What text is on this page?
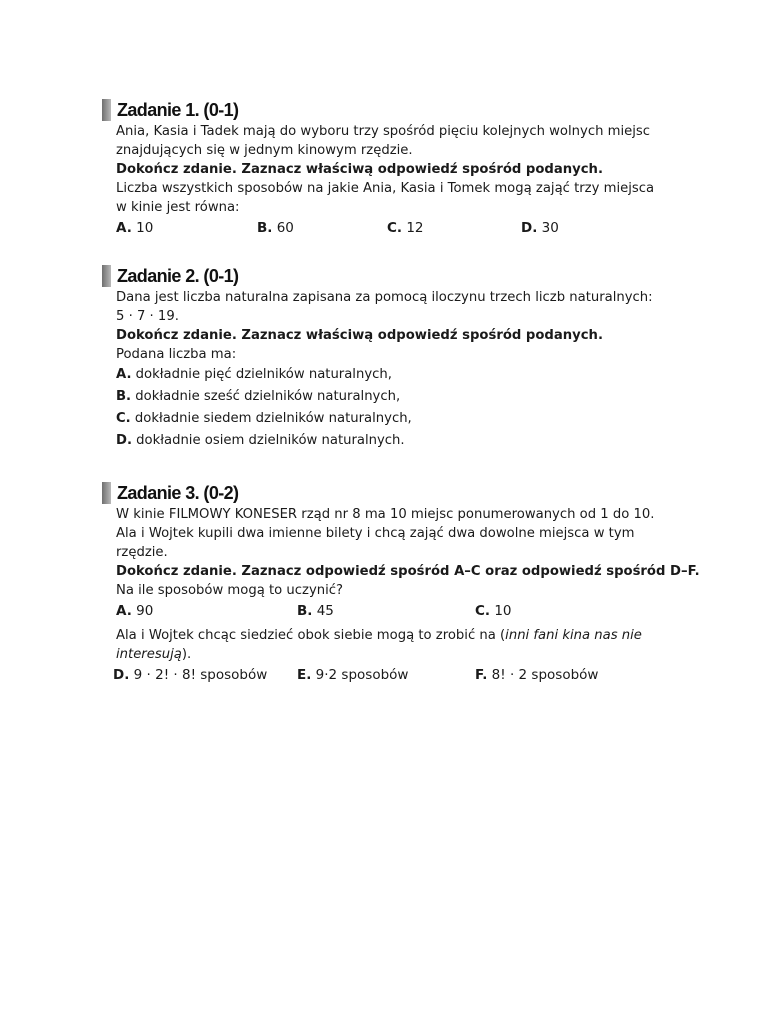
Zadanie 1. (0-1)
Ania, Kasia i Tadek mają do wyboru trzy spośród pięciu kolejnych wolnych miejsc
znajdujących się w jednym kinowym rzędzie.
Dokończ zdanie. Zaznacz właściwą odpowiedź spośród podanych.
Liczba wszystkich sposobów na jakie Ania, Kasia i Tomek mogą zająć trzy miejsca
w kinie jest równa:
A. 10	B. 60	C. 12	D. 30
Zadanie 2. (0-1)
Dana jest liczba naturalna zapisana za pomocą iloczynu trzech liczb naturalnych:
5 · 7 · 19.
Dokończ zdanie. Zaznacz właściwą odpowiedź spośród podanych.
Podana liczba ma:
A. dokładnie pięć dzielników naturalnych,
B. dokładnie sześć dzielników naturalnych,
C. dokładnie siedem dzielników naturalnych,
D. dokładnie osiem dzielników naturalnych.
Zadanie 3. (0-2)
W kinie FILMOWY KONESER rząd nr 8 ma 10 miejsc ponumerowanych od 1 do 10.
Ala i Wojtek kupili dwa imienne bilety i chcą zająć dwa dowolne miejsca w tym
rzędzie.
Dokończ zdanie. Zaznacz odpowiedź spośród A–C oraz odpowiedź spośród D–F.
Na ile sposobów mogą to uczynić?
A. 90	B. 45	C. 10
Ala i Wojtek chcąc siedzieć obok siebie mogą to zrobić na (inni fani kina nas nie
interesują).
D. 9 · 2! · 8! sposobów E. 9·2 sposobów	F. 8! · 2 sposobów
